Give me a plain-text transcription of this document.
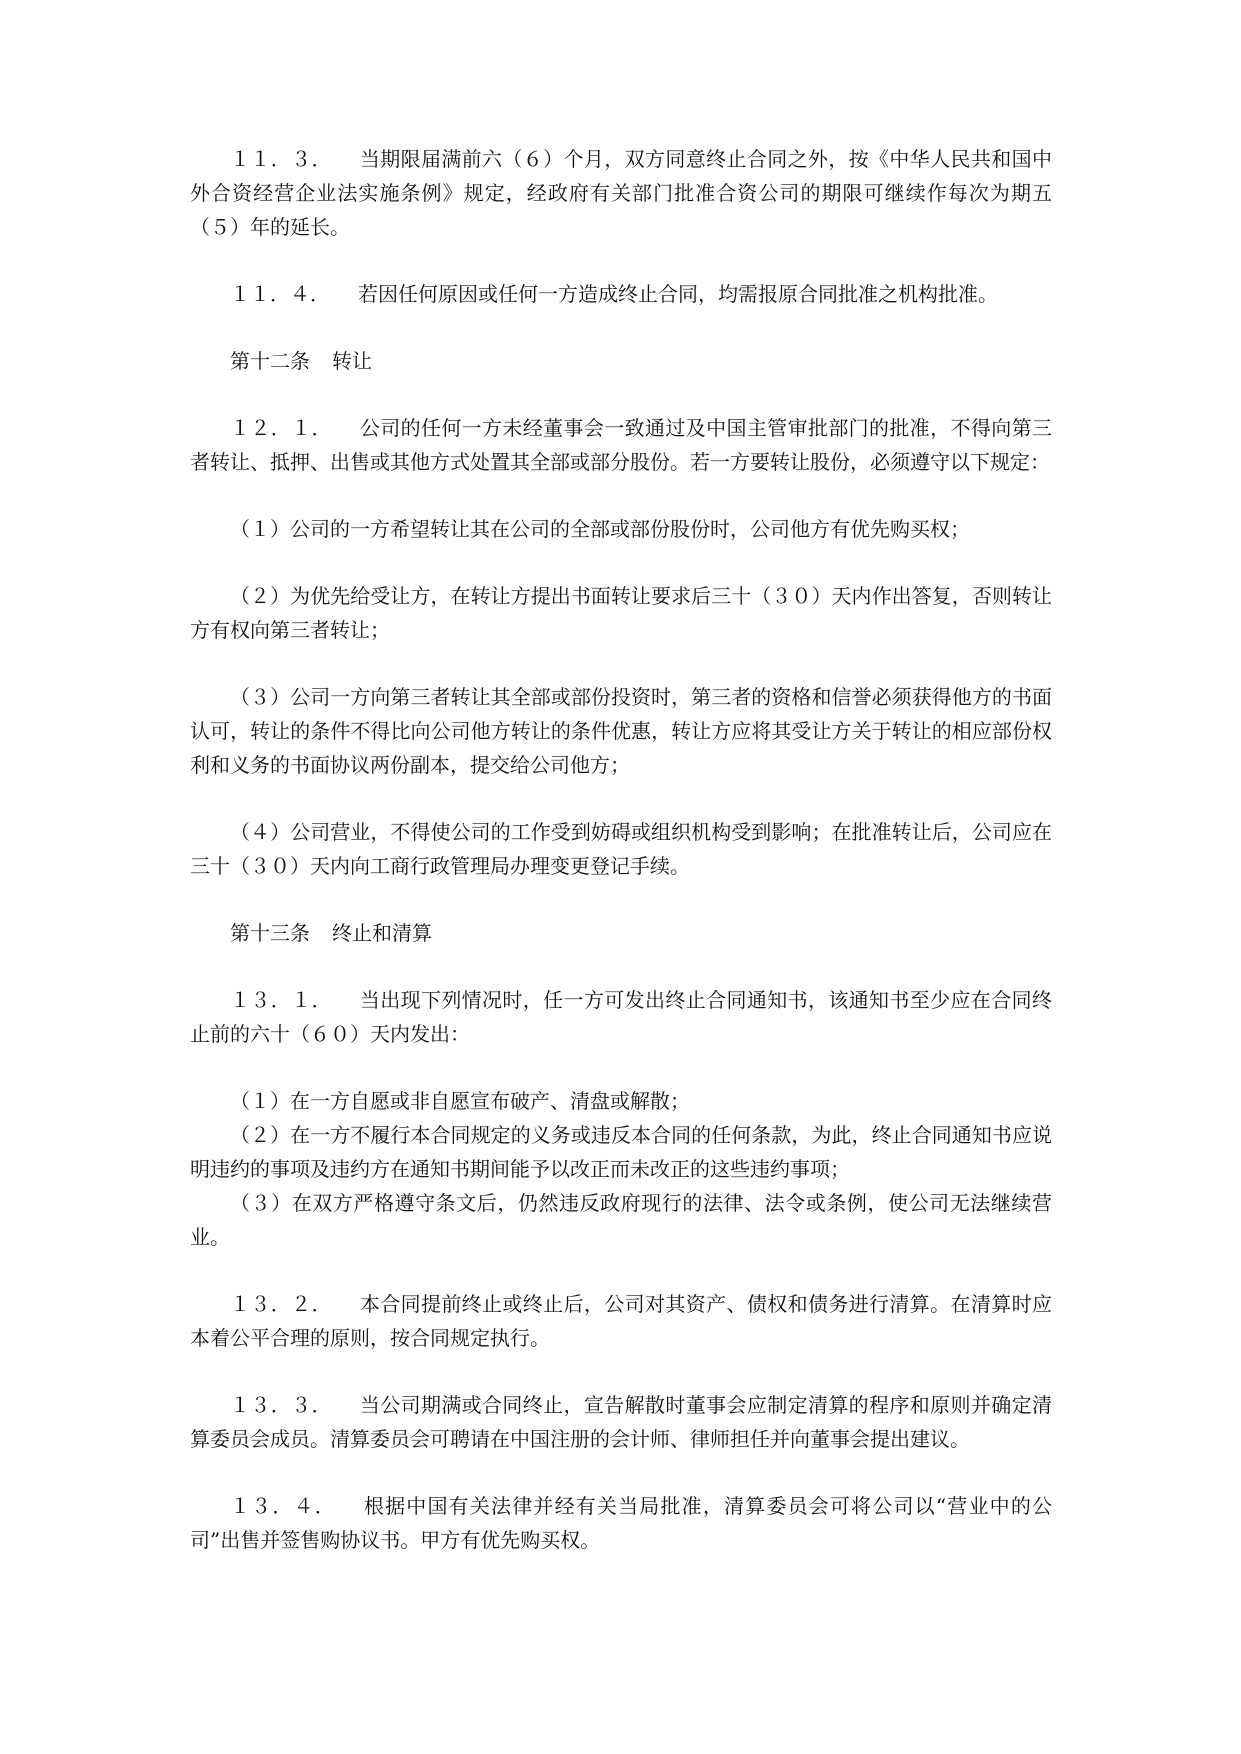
１１．３． 当期限届满前六（６）个月，双方同意终止合同之外，按《中华人民共和国中外合资经营企业法实施条例》规定，经政府有关部门批准合资公司的期限可继续作每次为期五（５）年的延长。

１１．４． 若因任何原因或任何一方造成终止合同，均需报原合同批准之机构批准。

第十二条 转让

１２．１． 公司的任何一方未经董事会一致通过及中国主管审批部门的批准，不得向第三者转让、抵押、出售或其他方式处置其全部或部分股份。若一方要转让股份，必须遵守以下规定：

（１）公司的一方希望转让其在公司的全部或部份股份时，公司他方有优先购买权；

（２）为优先给受让方，在转让方提出书面转让要求后三十（３０）天内作出答复，否则转让方有权向第三者转让；

（３）公司一方向第三者转让其全部或部份投资时，第三者的资格和信誉必须获得他方的书面认可，转让的条件不得比向公司他方转让的条件优惠，转让方应将其受让方关于转让的相应部份权利和义务的书面协议两份副本，提交给公司他方；

（４）公司营业，不得使公司的工作受到妨碍或组织机构受到影响；在批准转让后，公司应在三十（３０）天内向工商行政管理局办理变更登记手续。

第十三条 终止和清算

１３．１． 当出现下列情况时，任一方可发出终止合同通知书，该通知书至少应在合同终止前的六十（６０）天内发出：

（１）在一方自愿或非自愿宣布破产、清盘或解散；

（２）在一方不履行本合同规定的义务或违反本合同的任何条款，为此，终止合同通知书应说明违约的事项及违约方在通知书期间能予以改正而未改正的这些违约事项；

（３）在双方严格遵守条文后，仍然违反政府现行的法律、法令或条例，使公司无法继续营业。

１３．２． 本合同提前终止或终止后，公司对其资产、债权和债务进行清算。在清算时应本着公平合理的原则，按合同规定执行。

１３．３． 当公司期满或合同终止，宣告解散时董事会应制定清算的程序和原则并确定清算委员会成员。清算委员会可聘请在中国注册的会计师、律师担任并向董事会提出建议。

１３．４． 根据中国有关法律并经有关当局批准，清算委员会可将公司以“营业中的公司”出售并签售购协议书。甲方有优先购买权。
